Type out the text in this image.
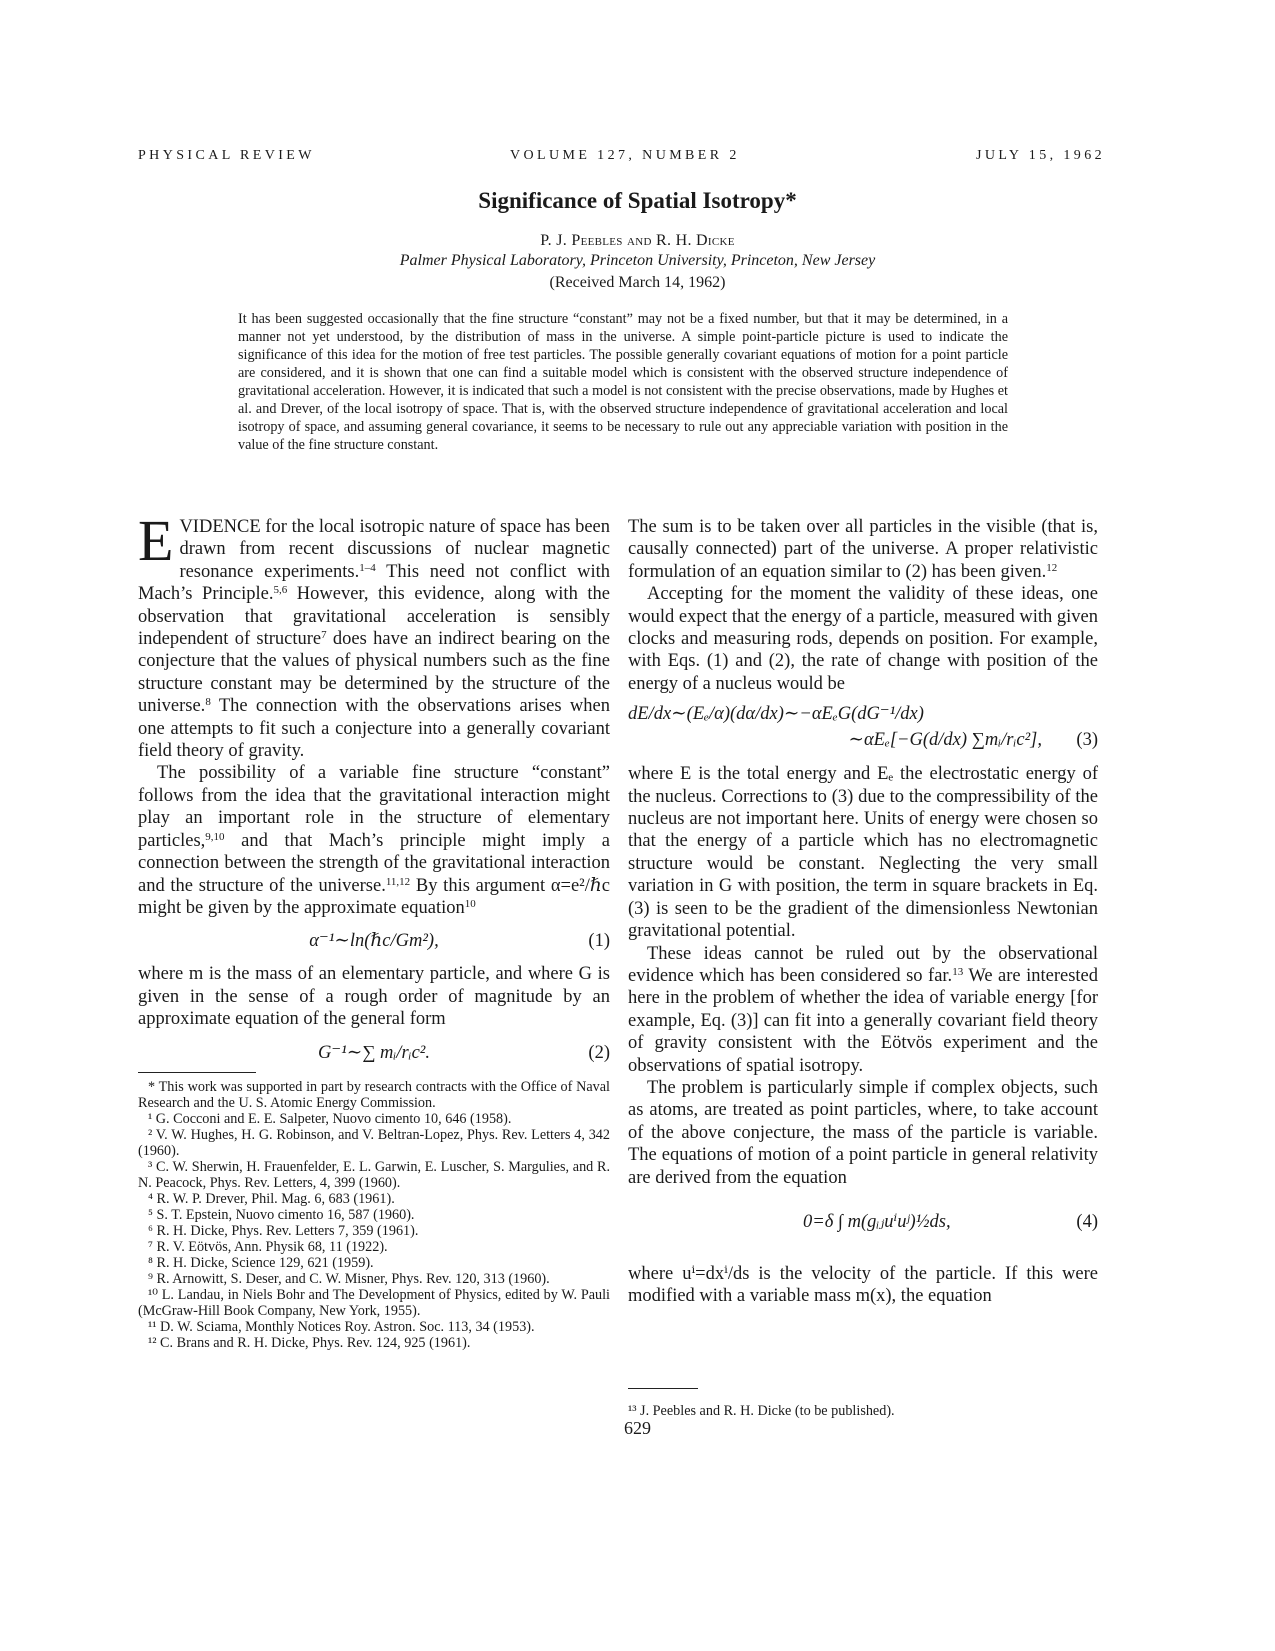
PHYSICAL REVIEW	VOLUME 127, NUMBER 2	JULY 15, 1962
Significance of Spatial Isotropy*
P. J. Peebles and R. H. Dicke
Palmer Physical Laboratory, Princeton University, Princeton, New Jersey
(Received March 14, 1962)
It has been suggested occasionally that the fine structure “constant” may not be a fixed number, but that it may be determined, in a manner not yet understood, by the distribution of mass in the universe. A simple point-particle picture is used to indicate the significance of this idea for the motion of free test particles. The possible generally covariant equations of motion for a point particle are considered, and it is shown that one can find a suitable model which is consistent with the observed structure independence of gravitational acceleration. However, it is indicated that such a model is not consistent with the precise observations, made by Hughes et al. and Drever, of the local isotropy of space. That is, with the observed structure independence of gravitational acceleration and local isotropy of space, and assuming general covariance, it seems to be necessary to rule out any appreciable variation with position in the value of the fine structure constant.

EVIDENCE for the local isotropic nature of space has been drawn from recent discussions of nuclear magnetic resonance experiments.$^{1-4}$ This need not conflict with Mach’s Principle.$^{5,6}$ However, this evidence, along with the observation that gravitational acceleration is sensibly independent of structure$^7$ does have an indirect bearing on the conjecture that the values of physical numbers such as the fine structure constant may be determined by the structure of the universe.$^8$ The connection with the observations arises when one attempts to fit such a conjecture into a generally covariant field theory of gravity.

The possibility of a variable fine structure “constant” follows from the idea that the gravitational interaction might play an important role in the structure of elementary particles,$^{9,10}$ and that Mach’s principle might imply a connection between the strength of the gravitational interaction and the structure of the universe.$^{11,12}$ By this argument α=e²/ℏc might be given by the approximate equation$^{10}$

α⁻¹∼ln(ℏc/Gm²),	(1)

where m is the mass of an elementary particle, and where G is given in the sense of a rough order of magnitude by an approximate equation of the general form

G⁻¹∼∑ mᵢ/rᵢc².	(2)
* This work was supported in part by research contracts with the Office of Naval Research and the U. S. Atomic Energy Commission.
¹ G. Cocconi and E. E. Salpeter, Nuovo cimento 10, 646 (1958).
² V. W. Hughes, H. G. Robinson, and V. Beltran-Lopez, Phys. Rev. Letters 4, 342 (1960).
³ C. W. Sherwin, H. Frauenfelder, E. L. Garwin, E. Luscher, S. Margulies, and R. N. Peacock, Phys. Rev. Letters, 4, 399 (1960).
⁴ R. W. P. Drever, Phil. Mag. 6, 683 (1961).
⁵ S. T. Epstein, Nuovo cimento 16, 587 (1960).
⁶ R. H. Dicke, Phys. Rev. Letters 7, 359 (1961).
⁷ R. V. Eötvös, Ann. Physik 68, 11 (1922).
⁸ R. H. Dicke, Science 129, 621 (1959).
⁹ R. Arnowitt, S. Deser, and C. W. Misner, Phys. Rev. 120, 313 (1960).
¹⁰ L. Landau, in Niels Bohr and The Development of Physics, edited by W. Pauli (McGraw-Hill Book Company, New York, 1955).
¹¹ D. W. Sciama, Monthly Notices Roy. Astron. Soc. 113, 34 (1953).
¹² C. Brans and R. H. Dicke, Phys. Rev. 124, 925 (1961).

The sum is to be taken over all particles in the visible (that is, causally connected) part of the universe. A proper relativistic formulation of an equation similar to (2) has been given.$^{12}$

Accepting for the moment the validity of these ideas, one would expect that the energy of a particle, measured with given clocks and measuring rods, depends on position. For example, with Eqs. (1) and (2), the rate of change with position of the energy of a nucleus would be

dE/dx∼(Eₑ/α)(dα/dx)∼−αEₑG(dG⁻¹/dx)
∼αEₑ[−G(d/dx) ∑mᵢ/rᵢc²], (3)

where E is the total energy and Eₑ the electrostatic energy of the nucleus. Corrections to (3) due to the compressibility of the nucleus are not important here. Units of energy were chosen so that the energy of a particle which has no electromagnetic structure would be constant. Neglecting the very small variation in G with position, the term in square brackets in Eq. (3) is seen to be the gradient of the dimensionless Newtonian gravitational potential.

These ideas cannot be ruled out by the observational evidence which has been considered so far.$^{13}$ We are interested here in the problem of whether the idea of variable energy [for example, Eq. (3)] can fit into a generally covariant field theory of gravity consistent with the Eötvös experiment and the observations of spatial isotropy.

The problem is particularly simple if complex objects, such as atoms, are treated as point particles, where, to take account of the above conjecture, the mass of the particle is variable. The equations of motion of a point particle in general relativity are derived from the equation

0=δ ∫ m(gᵢⱼuⁱuʲ)½ds,	(4)

where uⁱ=dxⁱ/ds is the velocity of the particle. If this were modified with a variable mass m(x), the equation

¹³ J. Peebles and R. H. Dicke (to be published).
629
